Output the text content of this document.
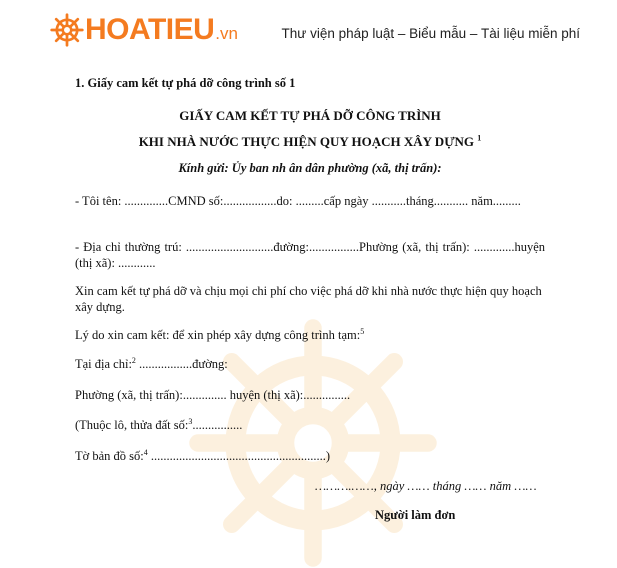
HOATIEU .vn	Thư viện pháp luật – Biểu mẫu – Tài liệu miễn phí
1. Giấy cam kết tự phá dỡ công trình số 1
GIẤY CAM KẾT TỰ PHÁ DỠ CÔNG TRÌNH
KHI NHÀ NƯỚC THỰC HIỆN QUY HOẠCH XÂY DỰNG $^1$
Kính gửi: Ủy ban nh ân dân phường (xã, thị trấn):
- Tôi tên: ..............CMND số:.................do: .........cấp ngày ...........tháng........... năm.........
- Địa chỉ thường trú: ............................đường:................Phường (xã, thị trấn): .............huyện (thị xã): ............
Xin cam kết tự phá dỡ và chịu mọi chi phí cho việc phá dỡ khi nhà nước thực hiện quy hoạch xây dựng.
Lý do xin cam kết: để xin phép xây dựng công trình tạm:$^5$
Tại địa chỉ:$^2$ .................đường:
Phường (xã, thị trấn):.............. huyện (thị xã):...............
(Thuộc lô, thửa đất số:$^3$................
Tờ bản đồ số:$^4$ ........................................................)
……….……, ngày …… tháng …… năm ……
Người làm đơn
